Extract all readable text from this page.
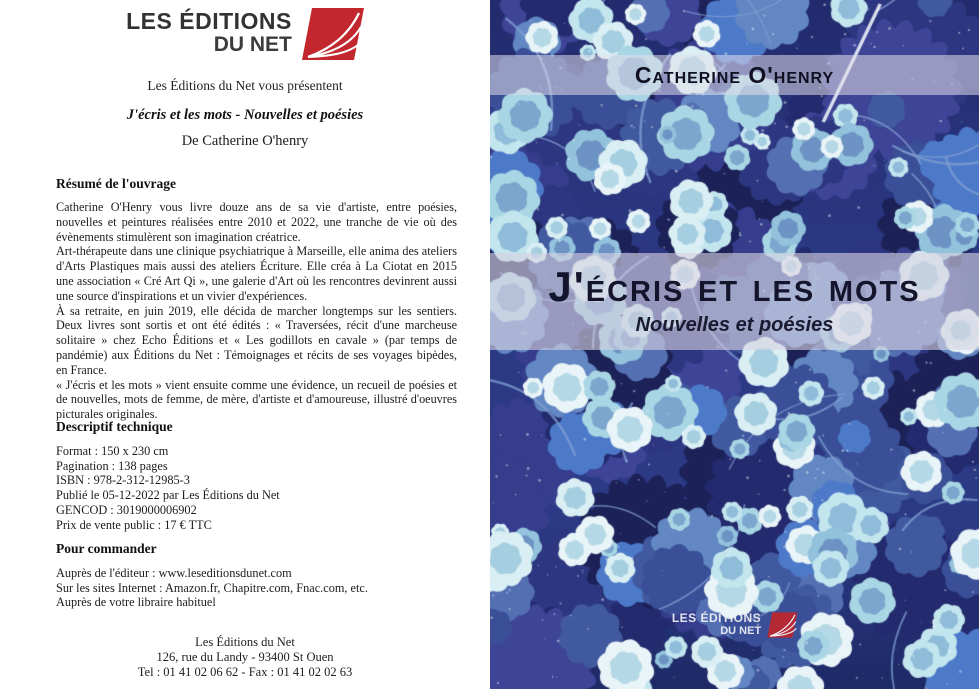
LES ÉDITIONS
DU NET
Les Éditions du Net vous présentent
J'écris et les mots - Nouvelles et poésies
De Catherine O'henry
Résumé de l'ouvrage

Catherine O'Henry vous livre douze ans de sa vie d'artiste, entre poésies, nouvelles et peintures réalisées entre 2010 et 2022, une tranche de vie où des évènements stimulèrent son imagination créatrice.

Art-thérapeute dans une clinique psychiatrique à Marseille, elle anima des ateliers d'Arts Plastiques mais aussi des ateliers Écriture. Elle créa à La Ciotat en 2015 une association « Cré Art Qi », une galerie d'Art où les rencontres devinrent aussi une source d'inspirations et un vivier d'expériences.

À sa retraite, en juin 2019, elle décida de marcher longtemps sur les sentiers. Deux livres sont sortis et ont été édités : « Traversées, récit d'une marcheuse solitaire » chez Echo Éditions et « Les godillots en cavale » (par temps de pandémie) aux Éditions du Net : Témoignages et récits de ses voyages bipèdes, en France.

« J'écris et les mots » vient ensuite comme une évidence, un recueil de poésies et de nouvelles, mots de femme, de mère, d'artiste et d'amoureuse, illustré d'oeuvres picturales originales.

Descriptif technique
Format : 150 x 230 cm
Pagination : 138 pages
ISBN : 978-2-312-12985-3
Publié le 05-12-2022 par Les Éditions du Net
GENCOD : 3019000006902
Prix de vente public : 17 € TTC
Pour commander
Auprès de l'éditeur : www.leseditionsdunet.com
Sur les sites Internet : Amazon.fr, Chapitre.com, Fnac.com, etc.
Auprès de votre libraire habituel
Les Éditions du Net
126, rue du Landy - 93400 St Ouen
Tel : 01 41 02 06 62 - Fax : 01 41 02 02 63
Catherine O'henry
J'écris et les mots
Nouvelles et poésies
LES ÉDITIONS
DU NET
